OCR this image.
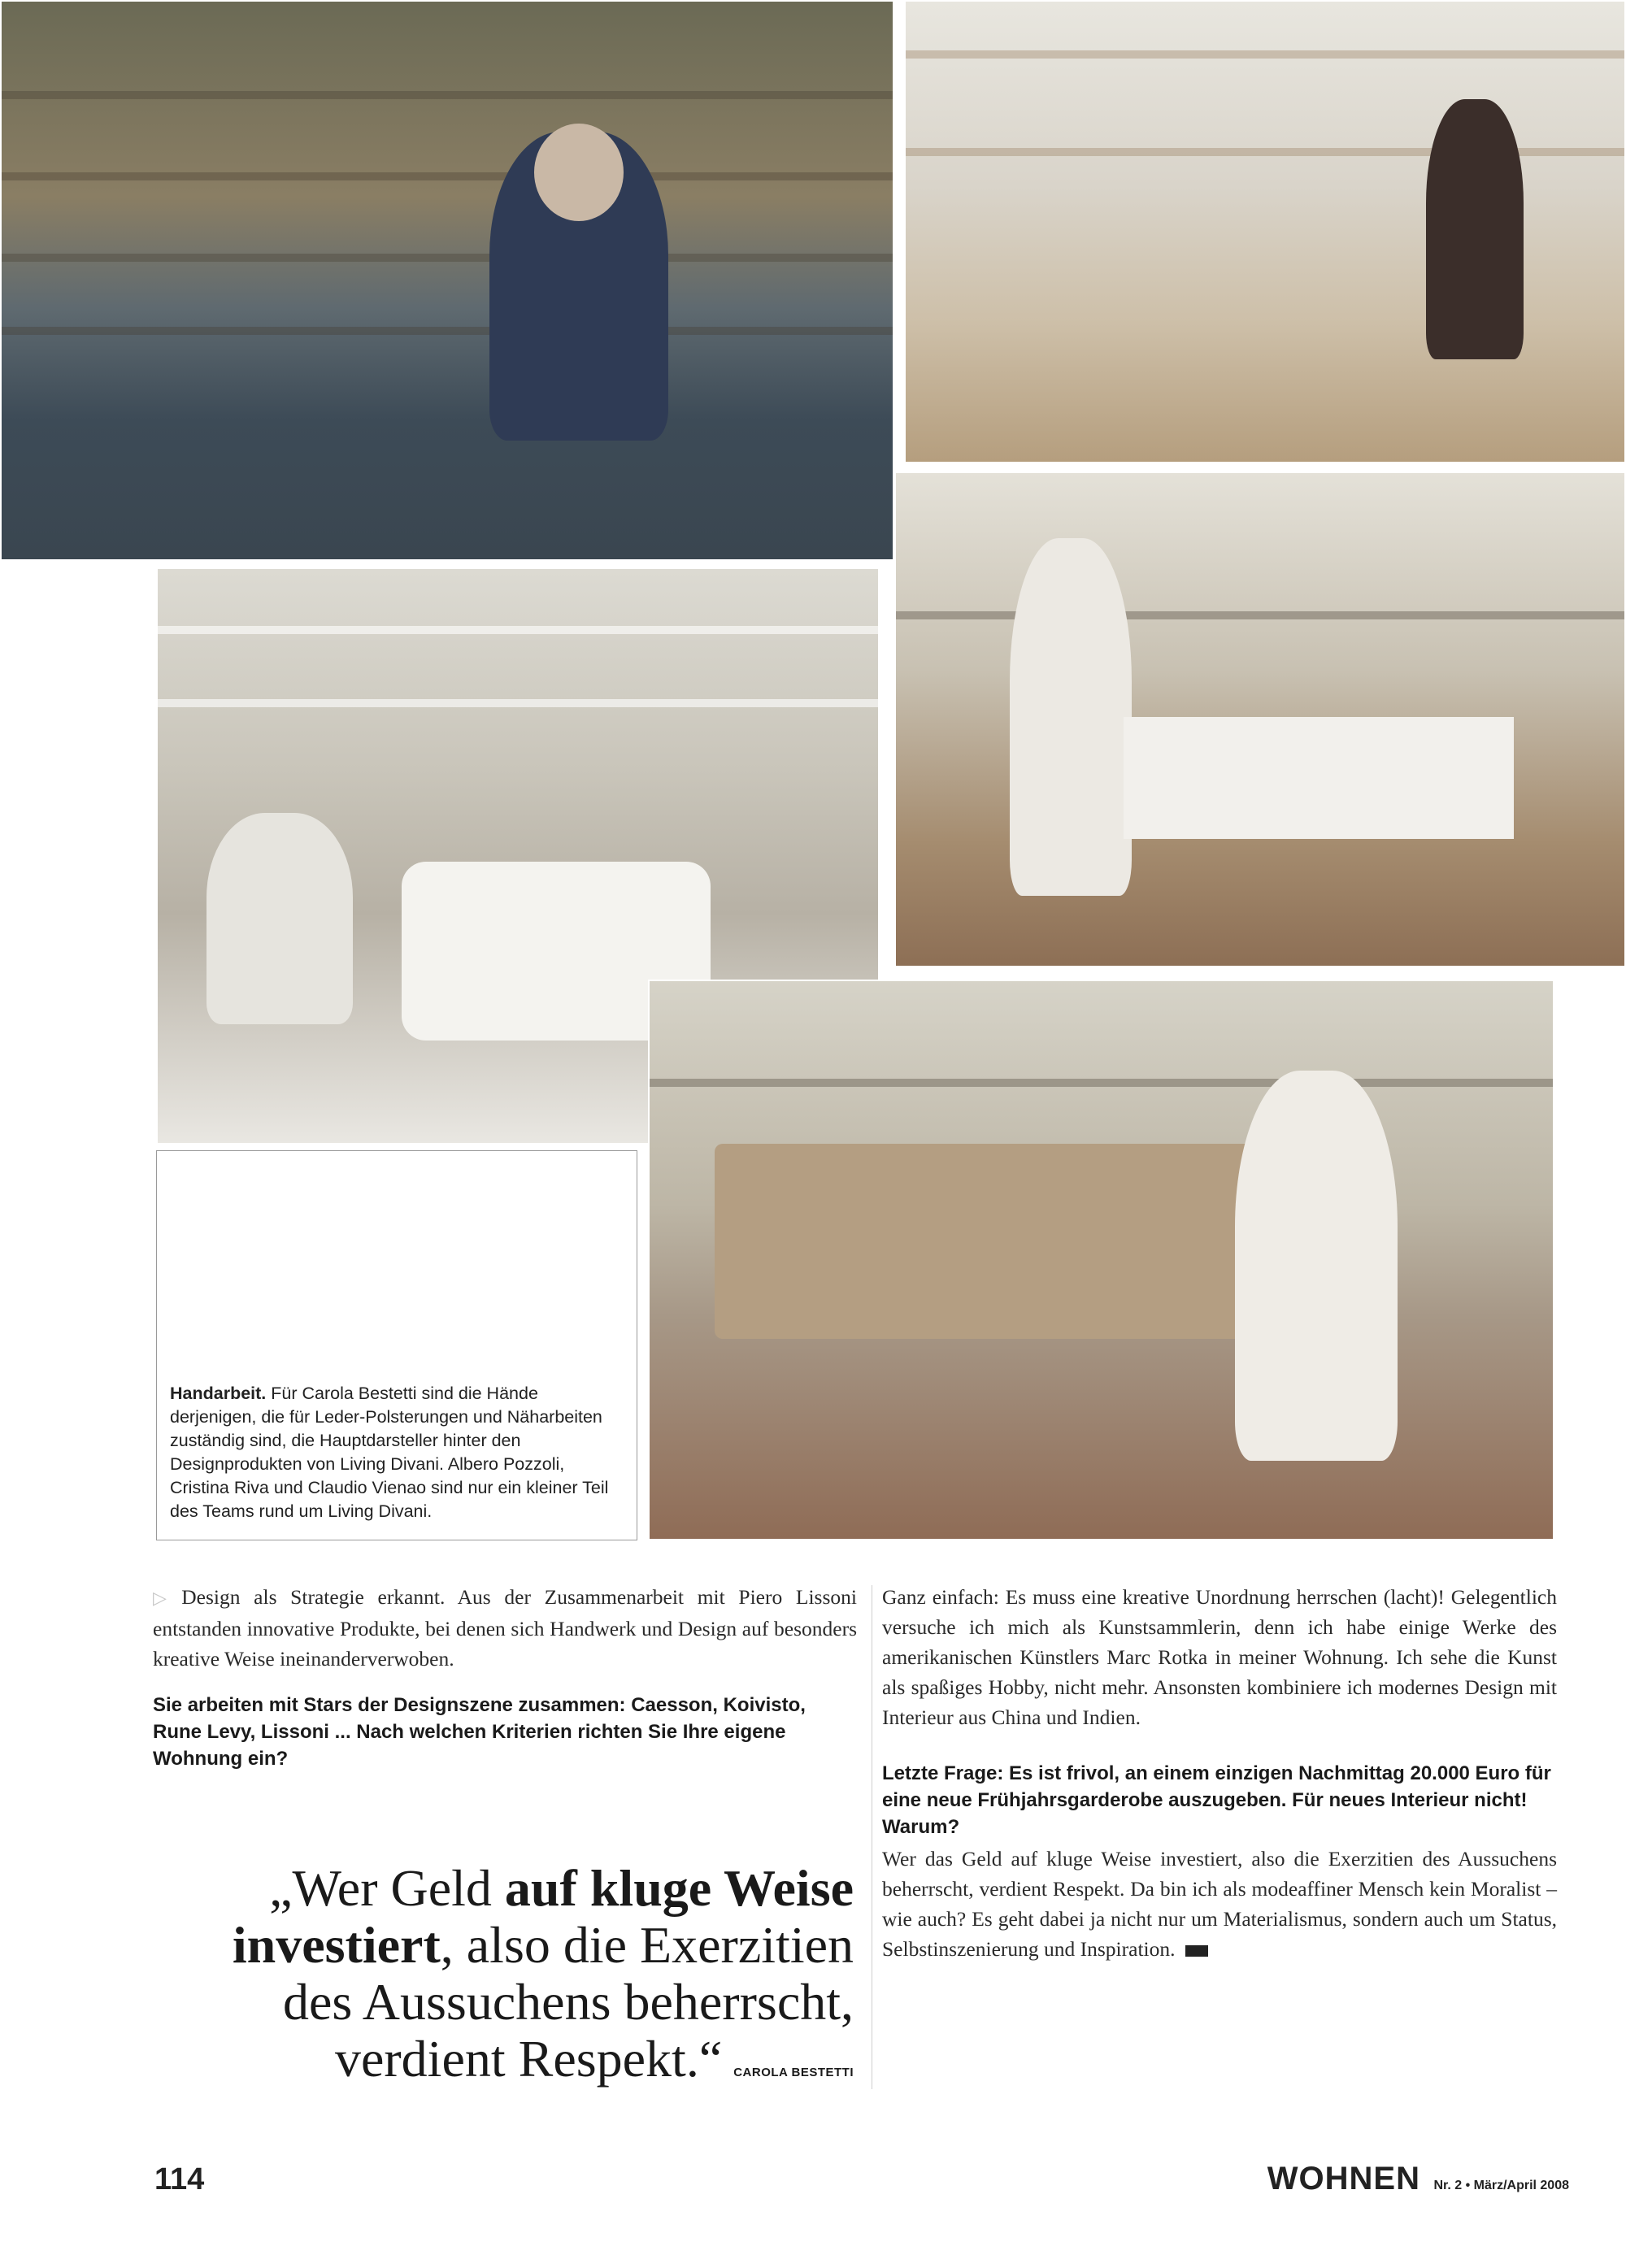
Handarbeit. Für Carola Bestetti sind die Hände derjenigen, die für Leder-Polsterungen und Näharbeiten zuständig sind, die Hauptdarsteller hinter den Designprodukten von Living Divani. Albero Pozzoli, Cristina Riva und Claudio Vienao sind nur ein kleiner Teil des Teams rund um Living Divani.

▷ Design als Strategie erkannt. Aus der Zusammenarbeit mit Piero Lissoni entstanden innovative Produkte, bei denen sich Handwerk und Design auf besonders kreative Weise ineinanderverwoben.

Sie arbeiten mit Stars der Designszene zusammen: Caesson, Koivisto, Rune Levy, Lissoni ... Nach welchen Kriterien richten Sie Ihre eigene Wohnung ein?

Ganz einfach: Es muss eine kreative Unordnung herrschen (lacht)! Gelegentlich versuche ich mich als Kunstsammlerin, denn ich habe einige Werke des amerikanischen Künstlers Marc Rotka in meiner Wohnung. Ich sehe die Kunst als spaßiges Hobby, nicht mehr. Ansonsten kombiniere ich modernes Design mit Interieur aus China und Indien.

Letzte Frage: Es ist frivol, an einem einzigen Nachmittag 20.000 Euro für eine neue Frühjahrsgarderobe auszugeben. Für neues Interieur nicht! Warum?

Wer das Geld auf kluge Weise investiert, also die Exerzitien des Aussuchens beherrscht, verdient Respekt. Da bin ich als modeaffiner Mensch kein Moralist – wie auch? Es geht dabei ja nicht nur um Materialismus, sondern auch um Status, Selbstinszenierung und Inspiration.

„Wer Geld auf kluge Weise investiert, also die Exerzitien des Aussuchens beherrscht, verdient Respekt.“ CAROLA BESTETTI
114	WOHNEN Nr. 2 • März/April 2008
